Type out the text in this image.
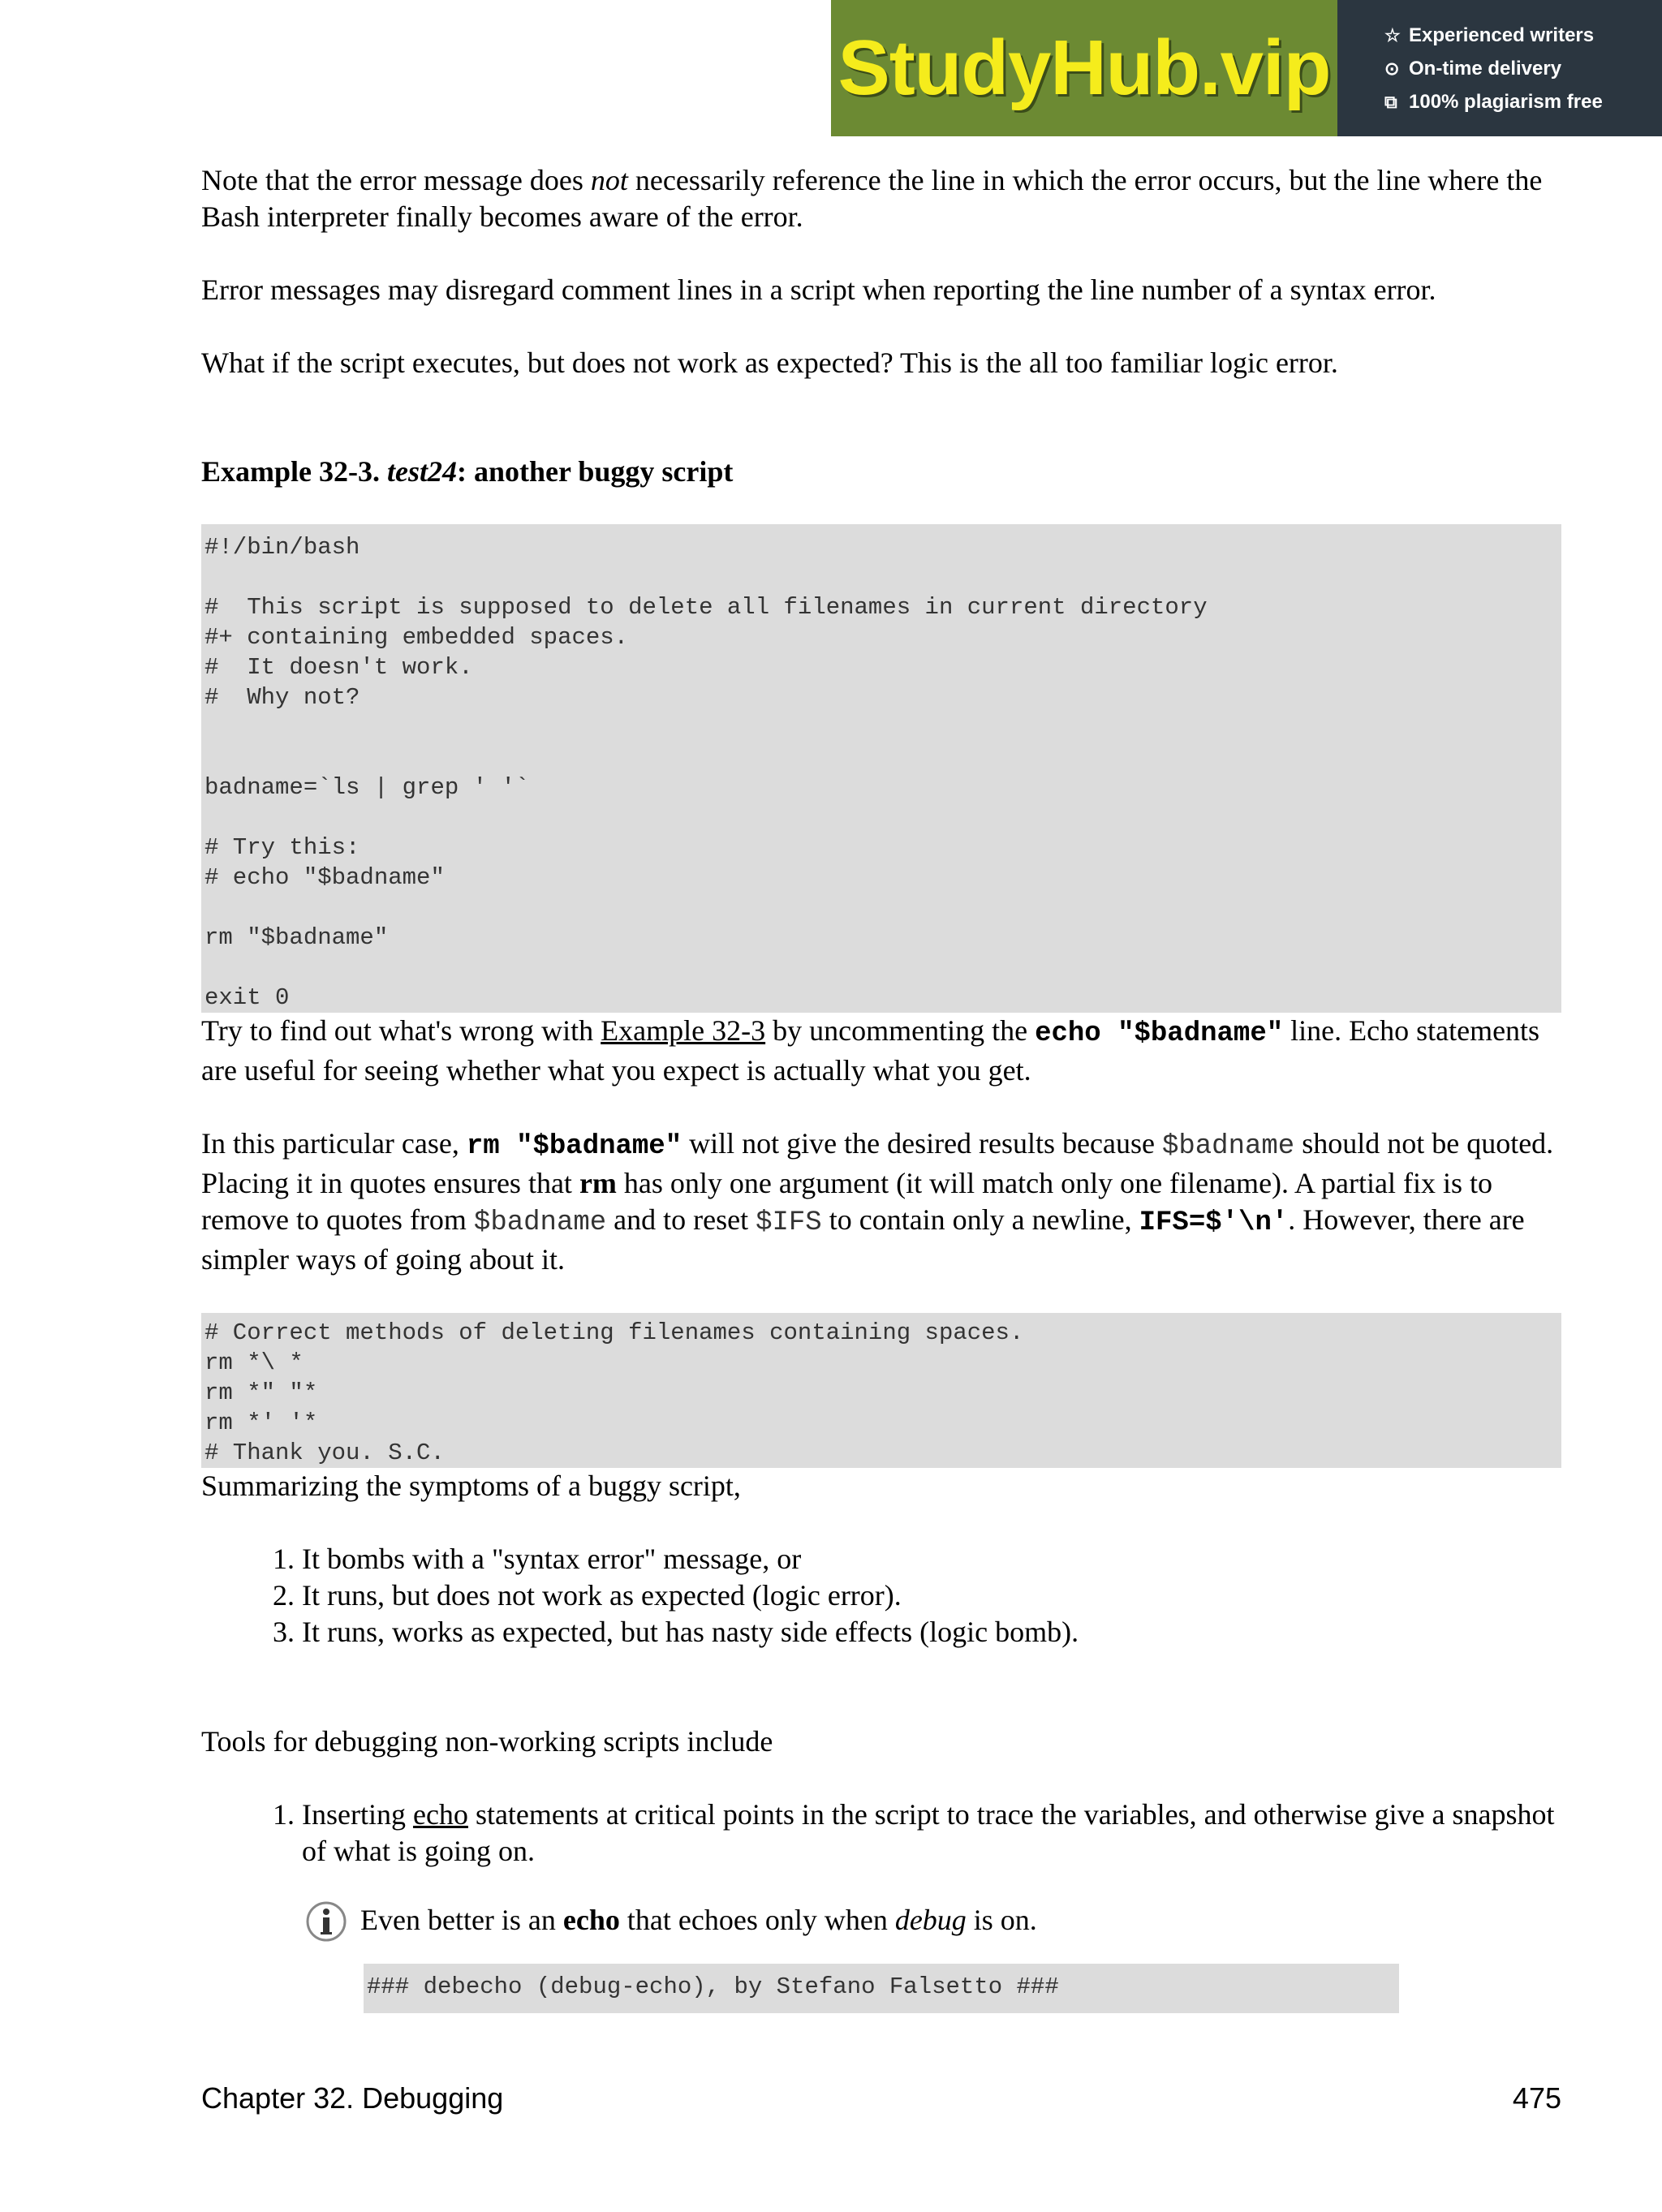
StudyHub.vip	☆ Experienced writers
⊙ On-time delivery
⧉ 100% plagiarism free

Note that the error message does not necessarily reference the line in which the error occurs, but the line where the Bash interpreter finally becomes aware of the error.

Error messages may disregard comment lines in a script when reporting the line number of a syntax error.

What if the script executes, but does not work as expected? This is the all too familiar logic error.

Example 32-3. test24: another buggy script

#!/bin/bash
#  This script is supposed to delete all filenames in current directory
#+ containing embedded spaces.
#  It doesn't work.
#  Why not?
badname=`ls | grep ' '`
# Try this:
# echo "$badname"
rm "$badname"
exit 0

Try to find out what's wrong with Example 32-3 by uncommenting the echo "$badname" line. Echo statements are useful for seeing whether what you expect is actually what you get.

In this particular case, rm "$badname" will not give the desired results because $badname should not be quoted. Placing it in quotes ensures that rm has only one argument (it will match only one filename). A partial fix is to remove to quotes from $badname and to reset $IFS to contain only a newline, IFS=$'\n'. However, there are simpler ways of going about it.

# Correct methods of deleting filenames containing spaces.
rm *\ *
rm *" "*
rm *' '*
# Thank you. S.C.

Summarizing the symptoms of a buggy script,

1. It bombs with a "syntax error" message, or
2. It runs, but does not work as expected (logic error).
3. It runs, works as expected, but has nasty side effects (logic bomb).

Tools for debugging non-working scripts include

1. Inserting echo statements at critical points in the script to trace the variables, and otherwise give a snapshot of what is going on.

Even better is an echo that echoes only when debug is on.

### debecho (debug-echo), by Stefano Falsetto ###
Chapter 32. Debugging	475
